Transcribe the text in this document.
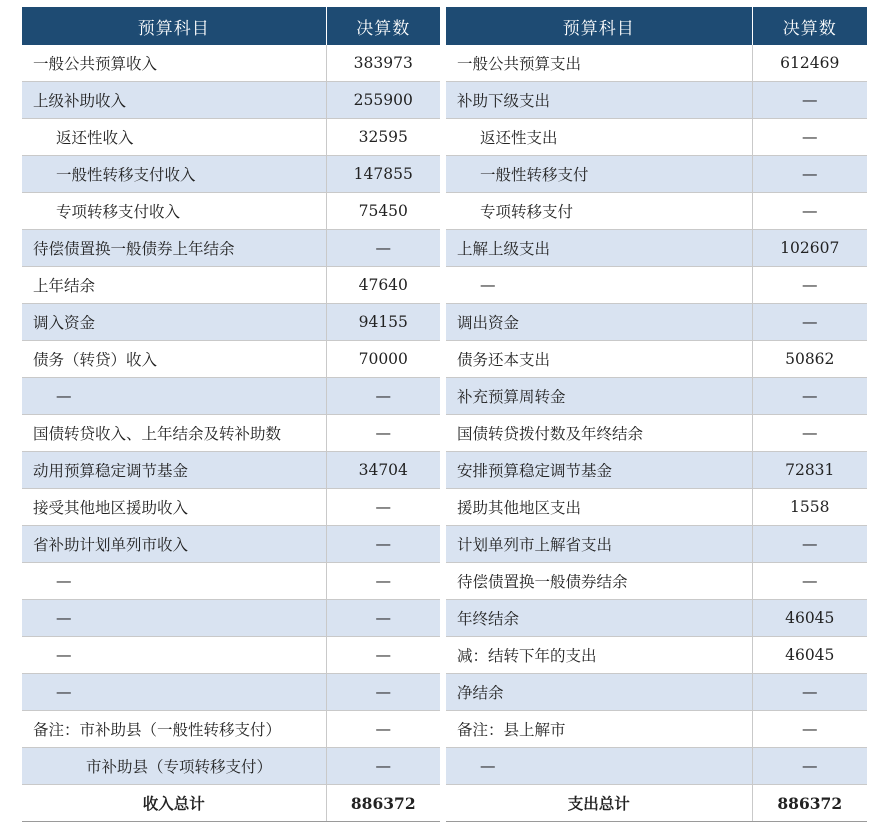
预算科目	决算数
一般公共预算收入	383973
上级补助收入	255900
返还性收入	32595
一般性转移支付收入	147855
专项转移支付收入	75450
待偿债置换一般债券上年结余	—
上年结余	47640
调入资金	94155
债务（转贷）收入	70000
—	—
国债转贷收入、上年结余及转补助数	—
动用预算稳定调节基金	34704
接受其他地区援助收入	—
省补助计划单列市收入	—
—	—
—	—
—	—
—	—
备注：市补助县（一般性转移支付）	—
市补助县（专项转移支付）	—
收入总计	886372
预算科目	决算数
一般公共预算支出	612469
补助下级支出	—
返还性支出	—
一般性转移支付	—
专项转移支付	—
上解上级支出	102607
—	—
调出资金	—
债务还本支出	50862
补充预算周转金	—
国债转贷拨付数及年终结余	—
安排预算稳定调节基金	72831
援助其他地区支出	1558
计划单列市上解省支出	—
待偿债置换一般债券结余	—
年终结余	46045
减：结转下年的支出	46045
净结余	—
备注：县上解市	—
—	—
支出总计	886372
